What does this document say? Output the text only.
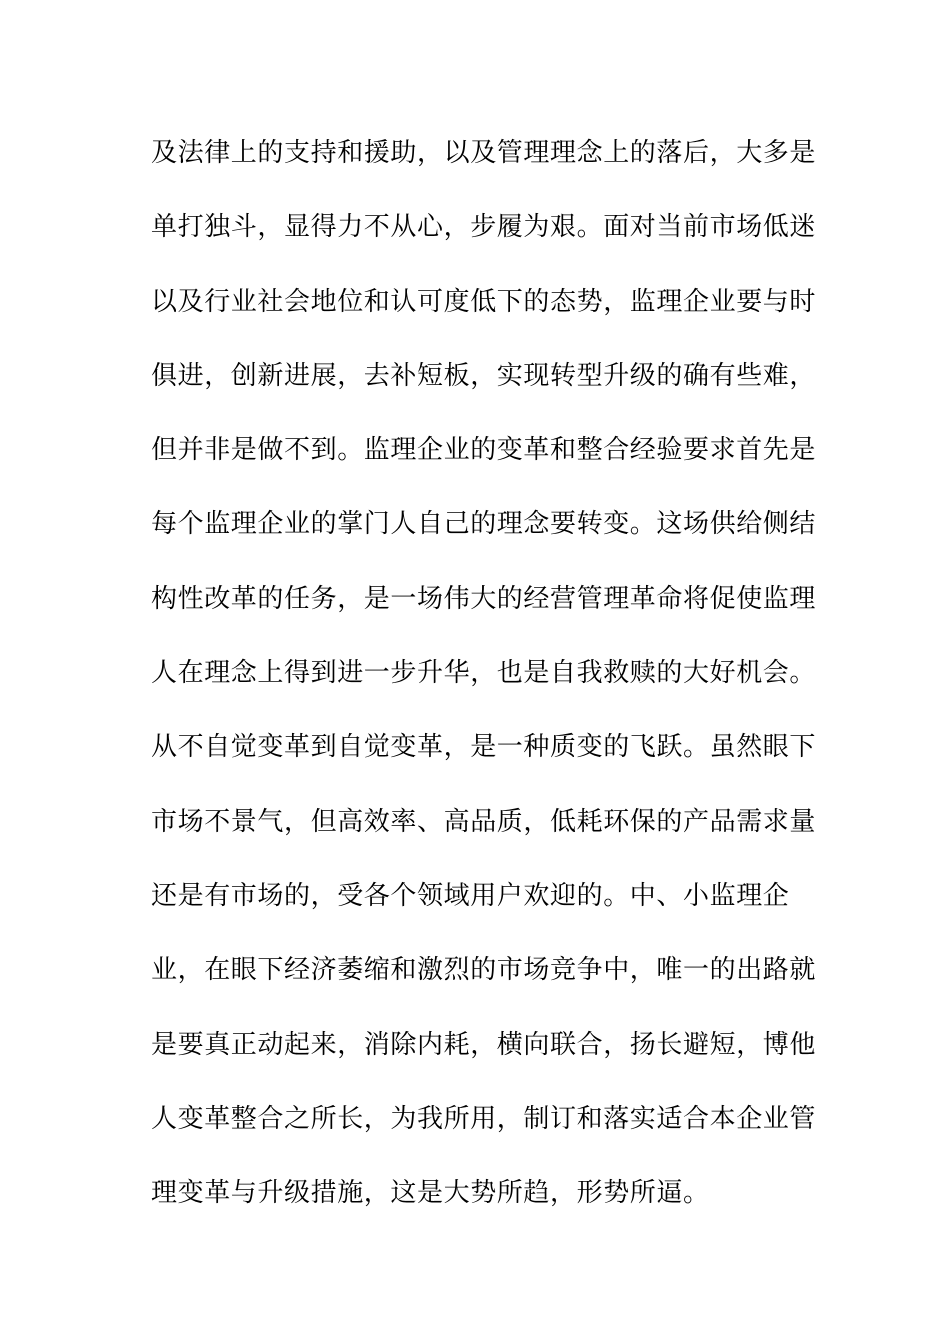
及法律上的支持和援助，以及管理理念上的落后，大多是
单打独斗，显得力不从心，步履为艰。面对当前市场低迷
以及行业社会地位和认可度低下的态势，监理企业要与时
俱进，创新进展，去补短板，实现转型升级的确有些难，
但并非是做不到。监理企业的变革和整合经验要求首先是
每个监理企业的掌门人自己的理念要转变。这场供给侧结
构性改革的任务，是一场伟大的经营管理革命将促使监理
人在理念上得到进一步升华，也是自我救赎的大好机会。
从不自觉变革到自觉变革，是一种质变的飞跃。虽然眼下
市场不景气，但高效率、高品质，低耗环保的产品需求量
还是有市场的，受各个领域用户欢迎的。中、小监理企
业，在眼下经济萎缩和激烈的市场竞争中，唯一的出路就
是要真正动起来，消除内耗，横向联合，扬长避短，博他
人变革整合之所长，为我所用，制订和落实适合本企业管
理变革与升级措施，这是大势所趋，形势所逼。
